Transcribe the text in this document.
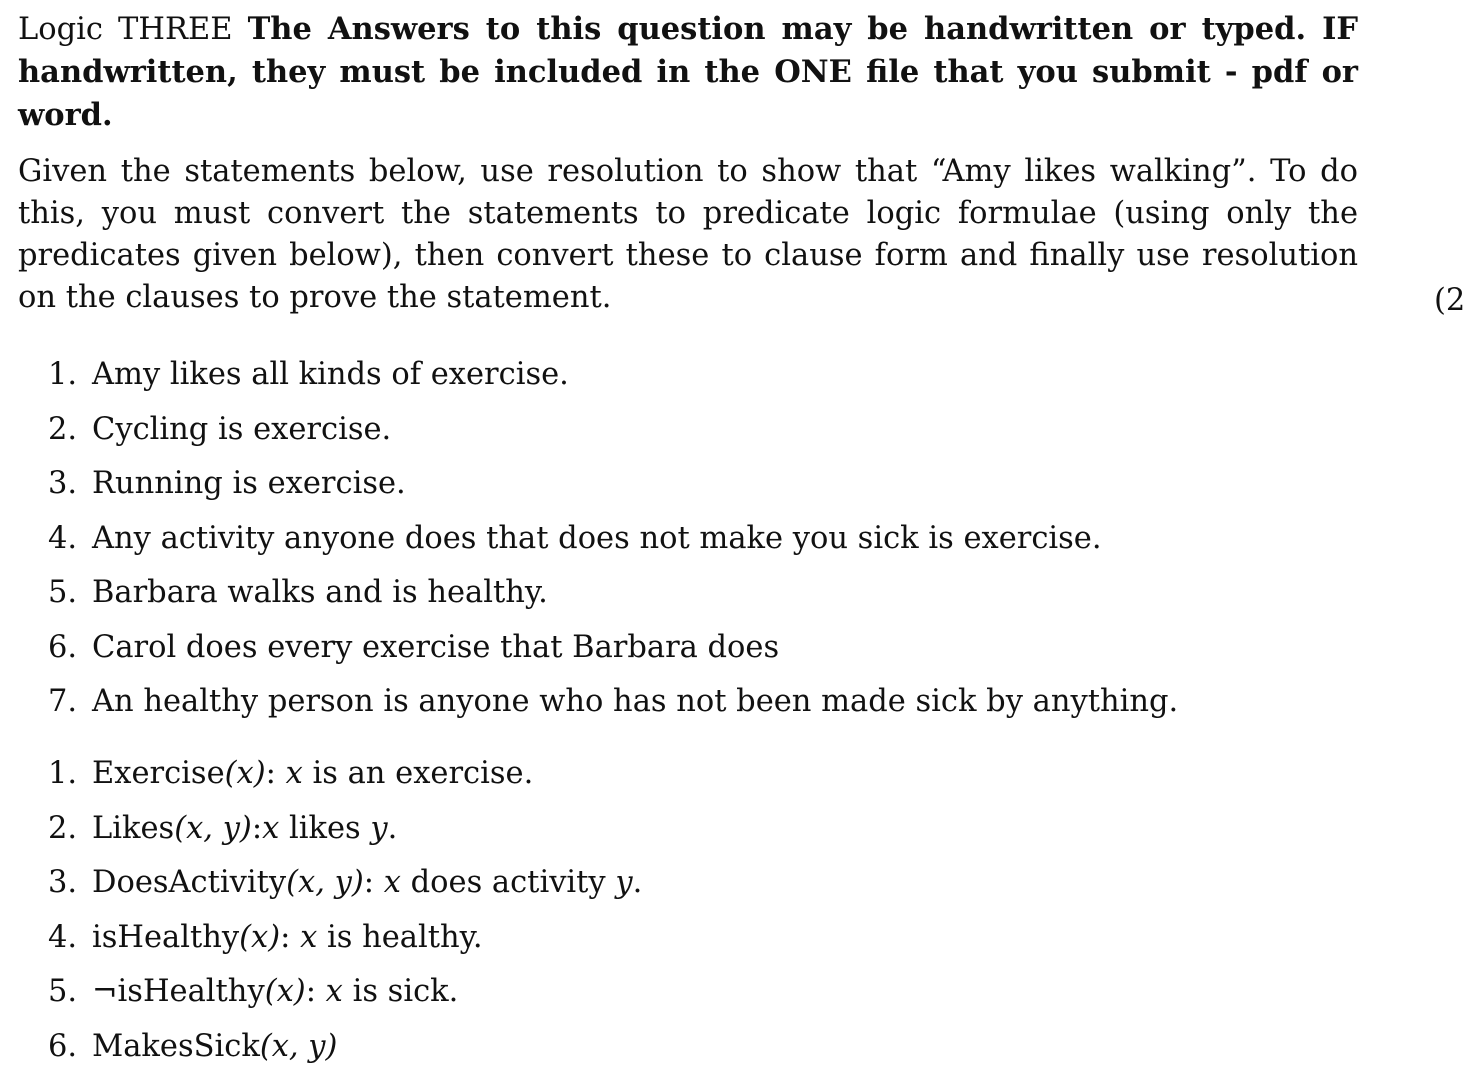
Logic THREE The Answers to this question may be handwritten or typed. IF handwritten, they must be included in the ONE file that you submit - pdf or word.

Given the statements below, use resolution to show that “Amy likes walking”. To do this, you must convert the statements to predicate logic formulae (using only the predicates given below), then convert these to clause form and finally use resolution on the clauses to prove the statement.

1. Amy likes all kinds of exercise.
2. Cycling is exercise.
3. Running is exercise.
4. Any activity anyone does that does not make you sick is exercise.
5. Barbara walks and is healthy.
6. Carol does every exercise that Barbara does
7. An healthy person is anyone who has not been made sick by anything.
1. Exercise(x): x is an exercise.
2. Likes(x, y):x likes y.
3. DoesActivity(x, y): x does activity y.
4. isHealthy(x): x is healthy.
5. ¬isHealthy(x): x is sick.
6. MakesSick(x, y)
(2
